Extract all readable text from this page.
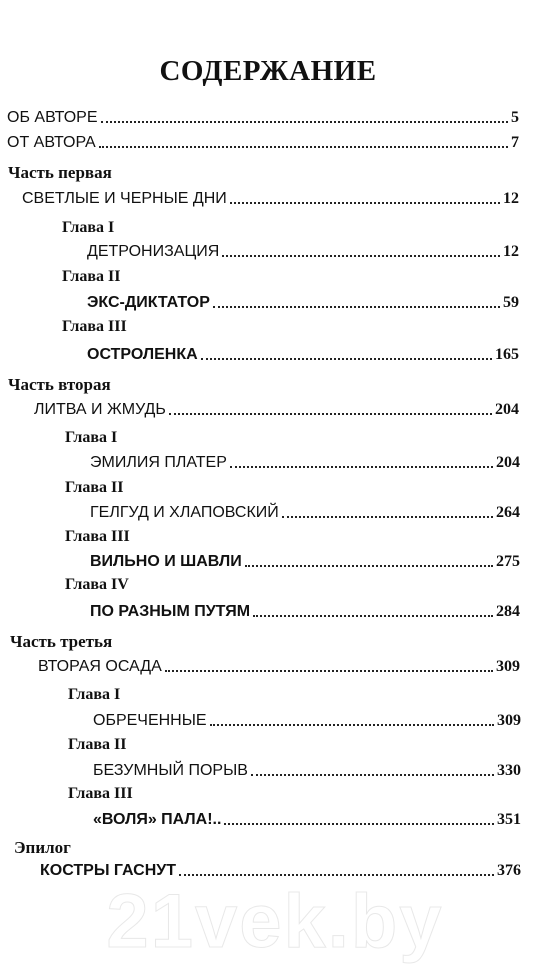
СОДЕРЖАНИЕ
ОБ АВТОРЕ	5
ОТ АВТОРА	7
Часть первая
СВЕТЛЫЕ И ЧЕРНЫЕ ДНИ	12
Глава I
ДЕТРОНИЗАЦИЯ	12
Глава II
ЭКС-ДИКТАТОР	59
Глава III
ОСТРОЛЕНКА	165
Часть вторая
ЛИТВА И ЖМУДЬ	204
Глава I
ЭМИЛИЯ ПЛАТЕР	204
Глава II
ГЕЛГУД И ХЛАПОВСКИЙ	264
Глава III
ВИЛЬНО И ШАВЛИ	275
Глава IV
ПО РАЗНЫМ ПУТЯМ	284
Часть третья
ВТОРАЯ ОСАДА	309
Глава I
ОБРЕЧЕННЫЕ	309
Глава II
БЕЗУМНЫЙ ПОРЫВ	330
Глава III
«ВОЛЯ» ПАЛА!..	351
Эпилог
КОСТРЫ ГАСНУТ	376
21vek.by
